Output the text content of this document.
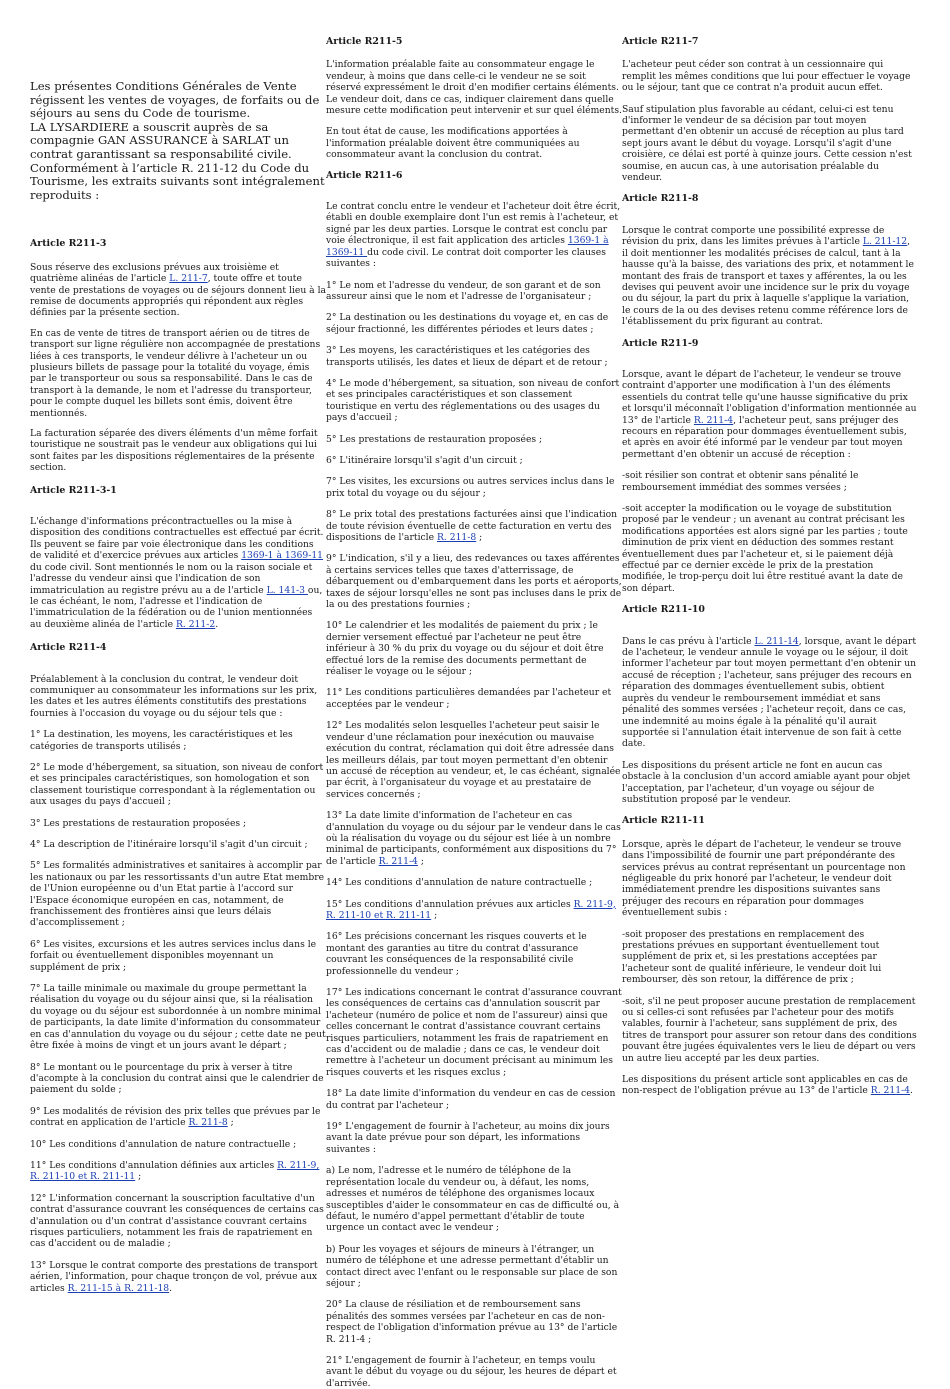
Les présentes Conditions Générales de Vente régissent les ventes de voyages, de forfaits ou de séjours au sens du Code de tourisme.
LA LYSARDIERE a souscrit auprès de sa compagnie GAN ASSURANCE à SARLAT un contrat garantissant sa responsabilité civile.
Conformément à l’article R. 211-12 du Code du Tourisme, les extraits suivants sont intégralement reproduits :
Article R211-3

Sous réserve des exclusions prévues aux troisième et quatrième alinéas de l'article L. 211-7, toute offre et toute vente de prestations de voyages ou de séjours donnent lieu à la remise de documents appropriés qui répondent aux règles définies par la présente section.

En cas de vente de titres de transport aérien ou de titres de transport sur ligne régulière non accompagnée de prestations liées à ces transports, le vendeur délivre à l'acheteur un ou plusieurs billets de passage pour la totalité du voyage, émis par le transporteur ou sous sa responsabilité. Dans le cas de transport à la demande, le nom et l'adresse du transporteur, pour le compte duquel les billets sont émis, doivent être mentionnés.

La facturation séparée des divers éléments d'un même forfait touristique ne soustrait pas le vendeur aux obligations qui lui sont faites par les dispositions réglementaires de la présente section.

Article R211-3-1

L'échange d'informations précontractuelles ou la mise à disposition des conditions contractuelles est effectué par écrit. Ils peuvent se faire par voie électronique dans les conditions de validité et d'exercice prévues aux articles 1369-1 à 1369-11 du code civil. Sont mentionnés le nom ou la raison sociale et l'adresse du vendeur ainsi que l'indication de son immatriculation au registre prévu au a de l'article L. 141-3 ou, le cas échéant, le nom, l'adresse et l'indication de l'immatriculation de la fédération ou de l'union mentionnées au deuxième alinéa de l'article R. 211-2.

Article R211-4

Préalablement à la conclusion du contrat, le vendeur doit communiquer au consommateur les informations sur les prix, les dates et les autres éléments constitutifs des prestations fournies à l'occasion du voyage ou du séjour tels que :

1° La destination, les moyens, les caractéristiques et les catégories de transports utilisés ;

2° Le mode d'hébergement, sa situation, son niveau de confort et ses principales caractéristiques, son homologation et son classement touristique correspondant à la réglementation ou aux usages du pays d'accueil ;

3° Les prestations de restauration proposées ;

4° La description de l'itinéraire lorsqu'il s'agit d'un circuit ;

5° Les formalités administratives et sanitaires à accomplir par les nationaux ou par les ressortissants d'un autre Etat membre de l'Union européenne ou d'un Etat partie à l'accord sur l'Espace économique européen en cas, notamment, de franchissement des frontières ainsi que leurs délais d'accomplissement ;

6° Les visites, excursions et les autres services inclus dans le forfait ou éventuellement disponibles moyennant un supplément de prix ;

7° La taille minimale ou maximale du groupe permettant la réalisation du voyage ou du séjour ainsi que, si la réalisation du voyage ou du séjour est subordonnée à un nombre minimal de participants, la date limite d'information du consommateur en cas d'annulation du voyage ou du séjour ; cette date ne peut être fixée à moins de vingt et un jours avant le départ ;

8° Le montant ou le pourcentage du prix à verser à titre d'acompte à la conclusion du contrat ainsi que le calendrier de paiement du solde ;

9° Les modalités de révision des prix telles que prévues par le contrat en application de l'article R. 211-8 ;

10° Les conditions d'annulation de nature contractuelle ;

11° Les conditions d'annulation définies aux articles R. 211-9, R. 211-10 et R. 211-11 ;

12° L'information concernant la souscription facultative d'un contrat d'assurance couvrant les conséquences de certains cas d'annulation ou d'un contrat d'assistance couvrant certains risques particuliers, notamment les frais de rapatriement en cas d'accident ou de maladie ;

13° Lorsque le contrat comporte des prestations de transport aérien, l'information, pour chaque tronçon de vol, prévue aux articles R. 211-15 à R. 211-18.

Article R211-5

L'information préalable faite au consommateur engage le vendeur, à moins que dans celle-ci le vendeur ne se soit réservé expressément le droit d'en modifier certains éléments. Le vendeur doit, dans ce cas, indiquer clairement dans quelle mesure cette modification peut intervenir et sur quel éléments.

En tout état de cause, les modifications apportées à l'information préalable doivent être communiquées au consommateur avant la conclusion du contrat.

Article R211-6

Le contrat conclu entre le vendeur et l'acheteur doit être écrit, établi en double exemplaire dont l'un est remis à l'acheteur, et signé par les deux parties. Lorsque le contrat est conclu par voie électronique, il est fait application des articles 1369-1 à 1369-11 du code civil. Le contrat doit comporter les clauses suivantes :

1° Le nom et l'adresse du vendeur, de son garant et de son assureur ainsi que le nom et l'adresse de l'organisateur ;

2° La destination ou les destinations du voyage et, en cas de séjour fractionné, les différentes périodes et leurs dates ;

3° Les moyens, les caractéristiques et les catégories des transports utilisés, les dates et lieux de départ et de retour ;

4° Le mode d'hébergement, sa situation, son niveau de confort et ses principales caractéristiques et son classement touristique en vertu des réglementations ou des usages du pays d'accueil ;

5° Les prestations de restauration proposées ;

6° L'itinéraire lorsqu'il s'agit d'un circuit ;

7° Les visites, les excursions ou autres services inclus dans le prix total du voyage ou du séjour ;

8° Le prix total des prestations facturées ainsi que l'indication de toute révision éventuelle de cette facturation en vertu des dispositions de l'article R. 211-8 ;

9° L'indication, s'il y a lieu, des redevances ou taxes afférentes à certains services telles que taxes d'atterrissage, de débarquement ou d'embarquement dans les ports et aéroports, taxes de séjour lorsqu'elles ne sont pas incluses dans le prix de la ou des prestations fournies ;

10° Le calendrier et les modalités de paiement du prix ; le dernier versement effectué par l'acheteur ne peut être inférieur à 30 % du prix du voyage ou du séjour et doit être effectué lors de la remise des documents permettant de réaliser le voyage ou le séjour ;

11° Les conditions particulières demandées par l'acheteur et acceptées par le vendeur ;

12° Les modalités selon lesquelles l'acheteur peut saisir le vendeur d'une réclamation pour inexécution ou mauvaise exécution du contrat, réclamation qui doit être adressée dans les meilleurs délais, par tout moyen permettant d'en obtenir un accusé de réception au vendeur, et, le cas échéant, signalée par écrit, à l'organisateur du voyage et au prestataire de services concernés ;

13° La date limite d'information de l'acheteur en cas d'annulation du voyage ou du séjour par le vendeur dans le cas où la réalisation du voyage ou du séjour est liée à un nombre minimal de participants, conformément aux dispositions du 7° de l'article R. 211-4 ;

14° Les conditions d'annulation de nature contractuelle ;

15° Les conditions d'annulation prévues aux articles R. 211-9, R. 211-10 et R. 211-11 ;

16° Les précisions concernant les risques couverts et le montant des garanties au titre du contrat d'assurance couvrant les conséquences de la responsabilité civile professionnelle du vendeur ;

17° Les indications concernant le contrat d'assurance couvrant les conséquences de certains cas d'annulation souscrit par l'acheteur (numéro de police et nom de l'assureur) ainsi que celles concernant le contrat d'assistance couvrant certains risques particuliers, notamment les frais de rapatriement en cas d'accident ou de maladie ; dans ce cas, le vendeur doit remettre à l'acheteur un document précisant au minimum les risques couverts et les risques exclus ;

18° La date limite d'information du vendeur en cas de cession du contrat par l'acheteur ;

19° L'engagement de fournir à l'acheteur, au moins dix jours avant la date prévue pour son départ, les informations suivantes :

a) Le nom, l'adresse et le numéro de téléphone de la représentation locale du vendeur ou, à défaut, les noms, adresses et numéros de téléphone des organismes locaux susceptibles d'aider le consommateur en cas de difficulté ou, à défaut, le numéro d'appel permettant d'établir de toute urgence un contact avec le vendeur ;

b) Pour les voyages et séjours de mineurs à l'étranger, un numéro de téléphone et une adresse permettant d'établir un contact direct avec l'enfant ou le responsable sur place de son séjour ;

20° La clause de résiliation et de remboursement sans pénalités des sommes versées par l'acheteur en cas de non-respect de l'obligation d'information prévue au 13° de l'article R. 211-4 ;

21° L'engagement de fournir à l'acheteur, en temps voulu avant le début du voyage ou du séjour, les heures de départ et d'arrivée.

Article R211-7

L'acheteur peut céder son contrat à un cessionnaire qui remplit les mêmes conditions que lui pour effectuer le voyage ou le séjour, tant que ce contrat n'a produit aucun effet.

Sauf stipulation plus favorable au cédant, celui-ci est tenu d'informer le vendeur de sa décision par tout moyen permettant d'en obtenir un accusé de réception au plus tard sept jours avant le début du voyage. Lorsqu'il s'agit d'une croisière, ce délai est porté à quinze jours. Cette cession n'est soumise, en aucun cas, à une autorisation préalable du vendeur.

Article R211-8

Lorsque le contrat comporte une possibilité expresse de révision du prix, dans les limites prévues à l'article L. 211-12, il doit mentionner les modalités précises de calcul, tant à la hausse qu'à la baisse, des variations des prix, et notamment le montant des frais de transport et taxes y afférentes, la ou les devises qui peuvent avoir une incidence sur le prix du voyage ou du séjour, la part du prix à laquelle s'applique la variation, le cours de la ou des devises retenu comme référence lors de l'établissement du prix figurant au contrat.

Article R211-9

Lorsque, avant le départ de l'acheteur, le vendeur se trouve contraint d'apporter une modification à l'un des éléments essentiels du contrat telle qu'une hausse significative du prix et lorsqu'il méconnaît l'obligation d'information mentionnée au 13° de l'article R. 211-4, l'acheteur peut, sans préjuger des recours en réparation pour dommages éventuellement subis, et après en avoir été informé par le vendeur par tout moyen permettant d'en obtenir un accusé de réception :

-soit résilier son contrat et obtenir sans pénalité le remboursement immédiat des sommes versées ;

-soit accepter la modification ou le voyage de substitution proposé par le vendeur ; un avenant au contrat précisant les modifications apportées est alors signé par les parties ; toute diminution de prix vient en déduction des sommes restant éventuellement dues par l'acheteur et, si le paiement déjà effectué par ce dernier excède le prix de la prestation modifiée, le trop-perçu doit lui être restitué avant la date de son départ.

Article R211-10

Dans le cas prévu à l'article L. 211-14, lorsque, avant le départ de l'acheteur, le vendeur annule le voyage ou le séjour, il doit informer l'acheteur par tout moyen permettant d'en obtenir un accusé de réception ; l'acheteur, sans préjuger des recours en réparation des dommages éventuellement subis, obtient auprès du vendeur le remboursement immédiat et sans pénalité des sommes versées ; l'acheteur reçoit, dans ce cas, une indemnité au moins égale à la pénalité qu'il aurait supportée si l'annulation était intervenue de son fait à cette date.

Les dispositions du présent article ne font en aucun cas obstacle à la conclusion d'un accord amiable ayant pour objet l'acceptation, par l'acheteur, d'un voyage ou séjour de substitution proposé par le vendeur.

Article R211-11

Lorsque, après le départ de l'acheteur, le vendeur se trouve dans l'impossibilité de fournir une part prépondérante des services prévus au contrat représentant un pourcentage non négligeable du prix honoré par l'acheteur, le vendeur doit immédiatement prendre les dispositions suivantes sans préjuger des recours en réparation pour dommages éventuellement subis :

-soit proposer des prestations en remplacement des prestations prévues en supportant éventuellement tout supplément de prix et, si les prestations acceptées par l'acheteur sont de qualité inférieure, le vendeur doit lui rembourser, dès son retour, la différence de prix ;

-soit, s'il ne peut proposer aucune prestation de remplacement ou si celles-ci sont refusées par l'acheteur pour des motifs valables, fournir à l'acheteur, sans supplément de prix, des titres de transport pour assurer son retour dans des conditions pouvant être jugées équivalentes vers le lieu de départ ou vers un autre lieu accepté par les deux parties.

Les dispositions du présent article sont applicables en cas de non-respect de l'obligation prévue au 13° de l'article R. 211-4.
